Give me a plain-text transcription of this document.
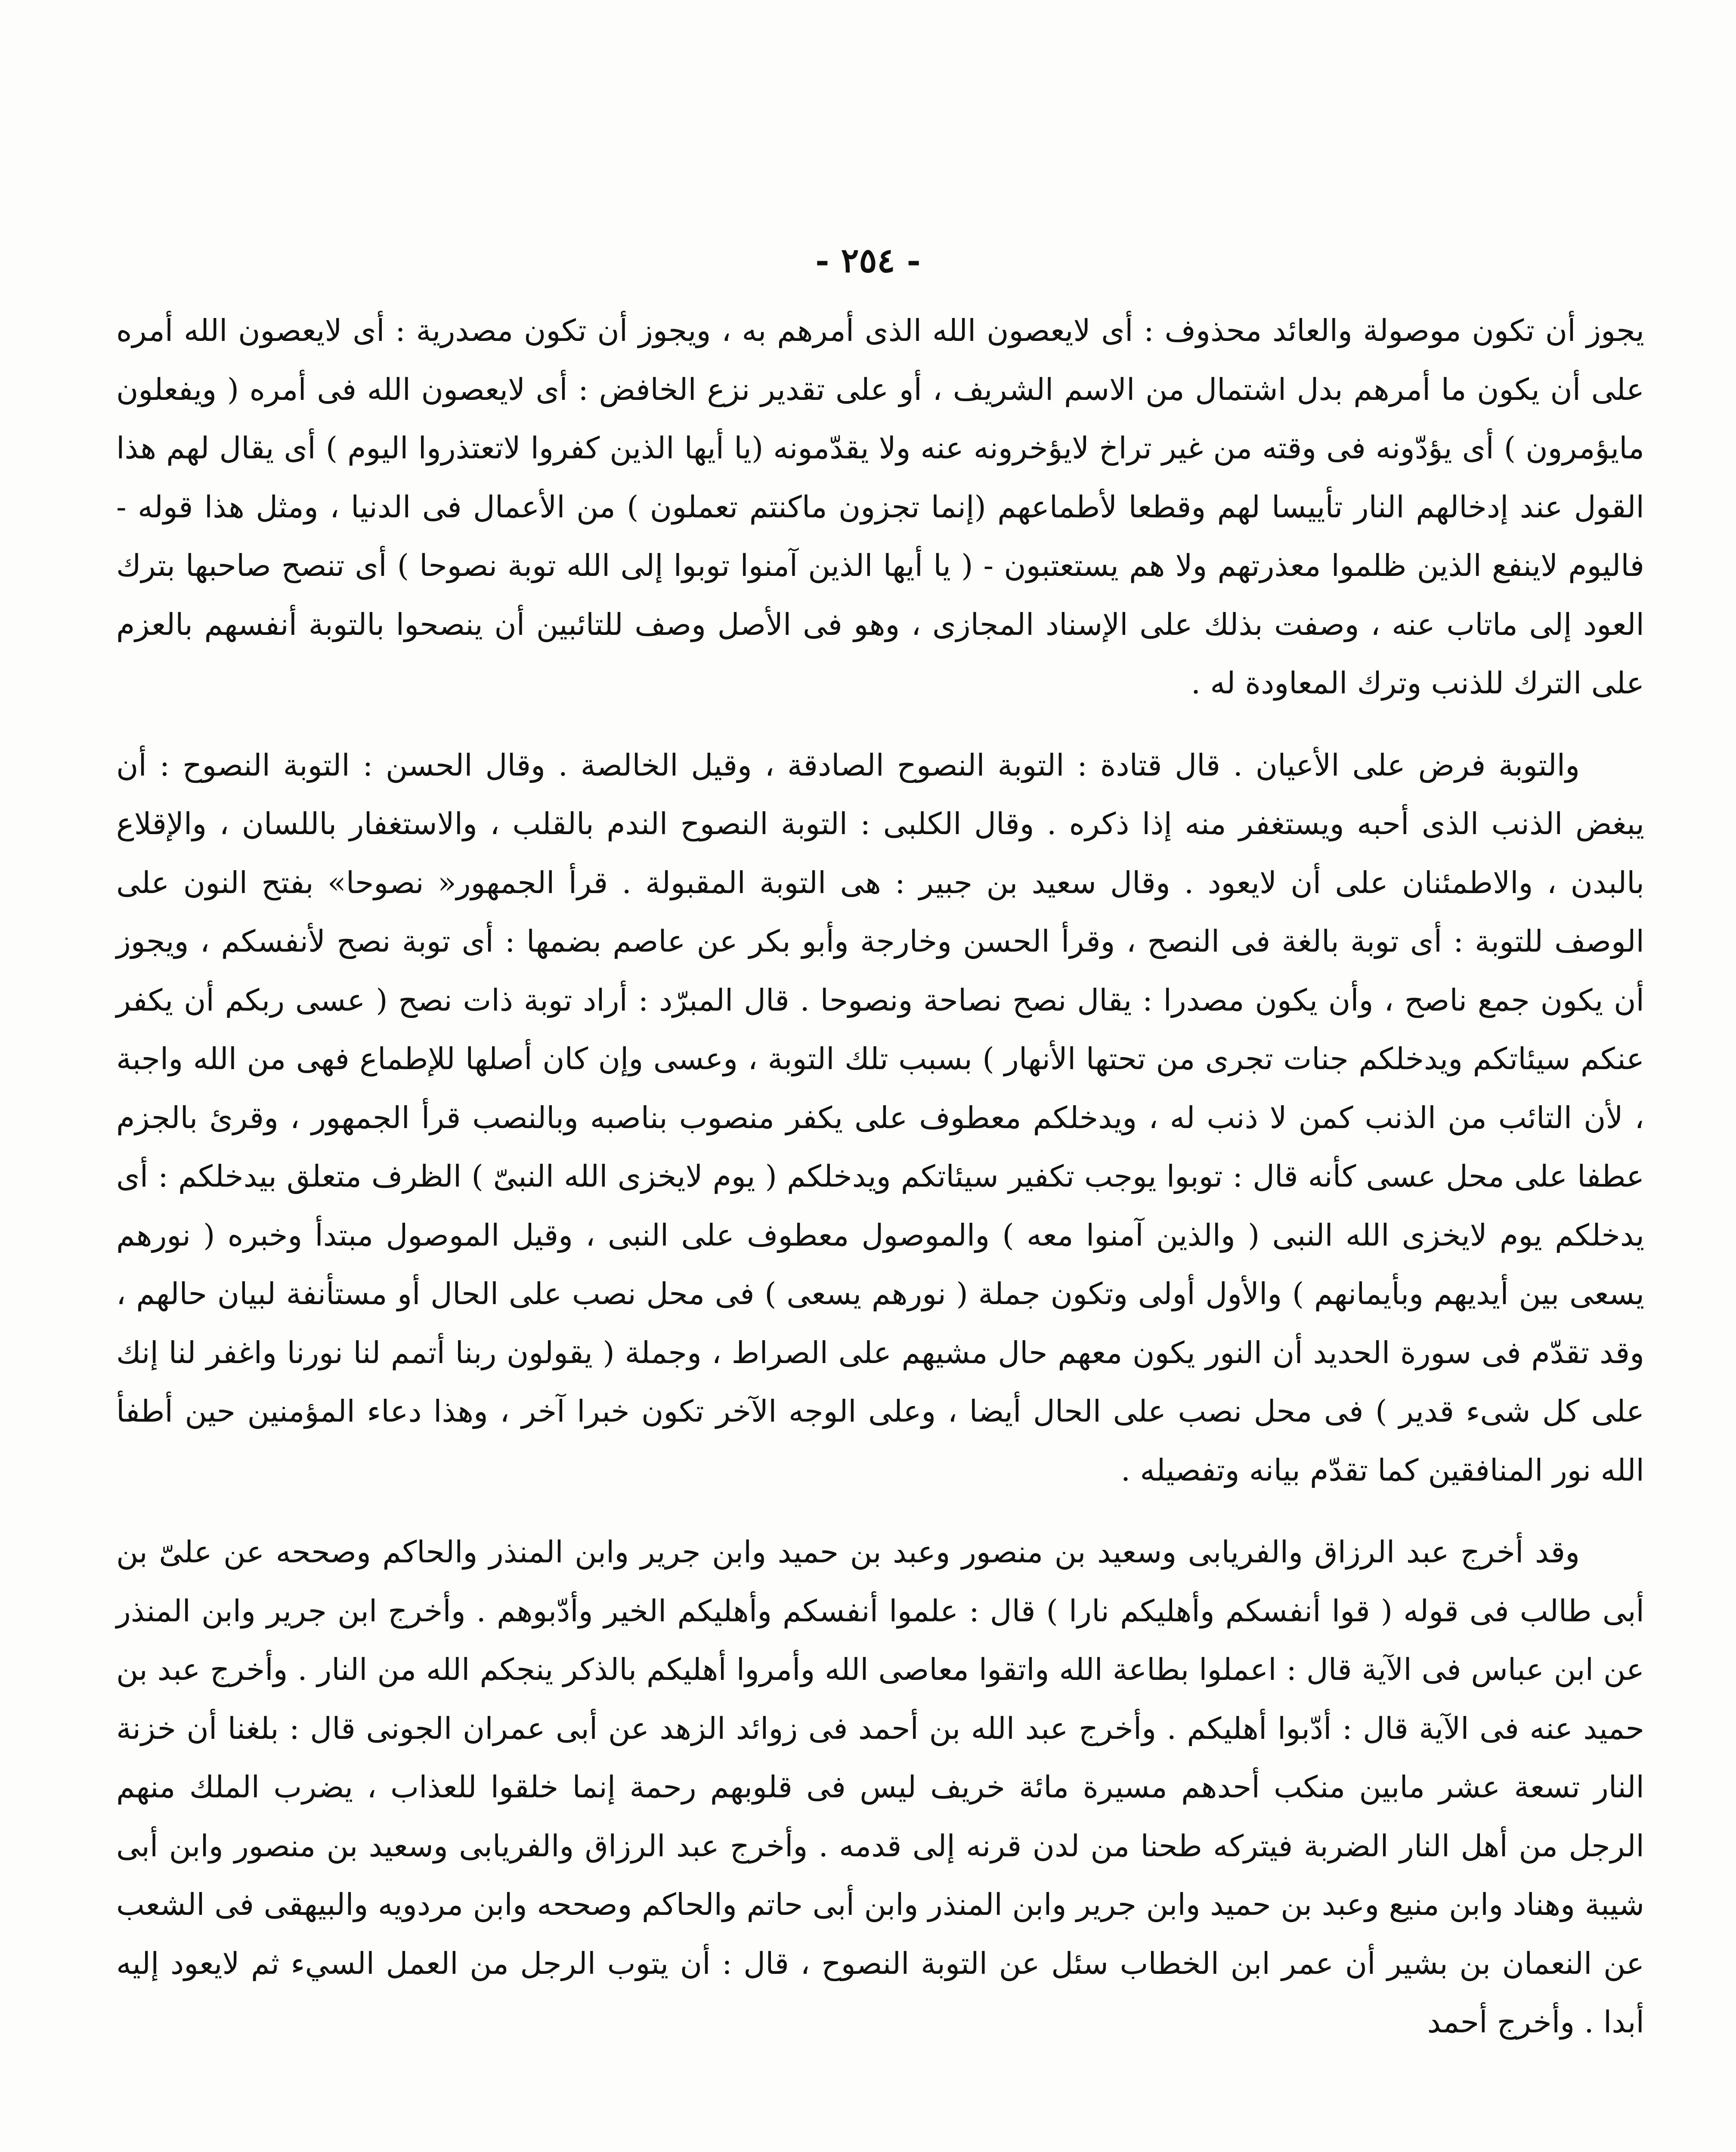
- ٢٥٤ -

يجوز أن تكون موصولة والعائد محذوف : أى لايعصون الله الذى أمرهم به ، ويجوز أن تكون مصدرية : أى لايعصون الله أمره على أن يكون ما أمرهم بدل اشتمال من الاسم الشريف ، أو على تقدير نزع الخافض : أى لايعصون الله فى أمره ( ويفعلون مايؤمرون ) أى يؤدّونه فى وقته من غير تراخ لايؤخرونه عنه ولا يقدّمونه (يا أيها الذين كفروا لاتعتذروا اليوم ) أى يقال لهم هذا القول عند إدخالهم النار تأييسا لهم وقطعا لأطماعهم (إنما تجزون ماكنتم تعملون ) من الأعمال فى الدنيا ، ومثل هذا قوله - فاليوم لاينفع الذين ظلموا معذرتهم ولا هم يستعتبون - ( يا أيها الذين آمنوا توبوا إلى الله توبة نصوحا ) أى تنصح صاحبها بترك العود إلى ماتاب عنه ، وصفت بذلك على الإسناد المجازى ، وهو فى الأصل وصف للتائبين أن ينصحوا بالتوبة أنفسهم بالعزم على الترك للذنب وترك المعاودة له .

والتوبة فرض على الأعيان . قال قتادة : التوبة النصوح الصادقة ، وقيل الخالصة . وقال الحسن : التوبة النصوح : أن يبغض الذنب الذى أحبه ويستغفر منه إذا ذكره . وقال الكلبى : التوبة النصوح الندم بالقلب ، والاستغفار باللسان ، والإقلاع بالبدن ، والاطمئنان على أن لايعود . وقال سعيد بن جبير : هى التوبة المقبولة . قرأ الجمهور« نصوحا» بفتح النون على الوصف للتوبة : أى توبة بالغة فى النصح ، وقرأ الحسن وخارجة وأبو بكر عن عاصم بضمها : أى توبة نصح لأنفسكم ، ويجوز أن يكون جمع ناصح ، وأن يكون مصدرا : يقال نصح نصاحة ونصوحا . قال المبرّد : أراد توبة ذات نصح ( عسى ربكم أن يكفر عنكم سيئاتكم ويدخلكم جنات تجرى من تحتها الأنهار ) بسبب تلك التوبة ، وعسى وإن كان أصلها للإطماع فهى من الله واجبة ، لأن التائب من الذنب كمن لا ذنب له ، ويدخلكم معطوف على يكفر منصوب بناصبه وبالنصب قرأ الجمهور ، وقرئ بالجزم عطفا على محل عسى كأنه قال : توبوا يوجب تكفير سيئاتكم ويدخلكم ( يوم لايخزى الله النبىّ ) الظرف متعلق بيدخلكم : أى يدخلكم يوم لايخزى الله النبى ( والذين آمنوا معه ) والموصول معطوف على النبى ، وقيل الموصول مبتدأ وخبره ( نورهم يسعى بين أيديهم وبأيمانهم ) والأول أولى وتكون جملة ( نورهم يسعى ) فى محل نصب على الحال أو مستأنفة لبيان حالهم ، وقد تقدّم فى سورة الحديد أن النور يكون معهم حال مشيهم على الصراط ، وجملة ( يقولون ربنا أتمم لنا نورنا واغفر لنا إنك على كل شىء قدير ) فى محل نصب على الحال أيضا ، وعلى الوجه الآخر تكون خبرا آخر ، وهذا دعاء المؤمنين حين أطفأ الله نور المنافقين كما تقدّم بيانه وتفصيله .

وقد أخرج عبد الرزاق والفريابى وسعيد بن منصور وعبد بن حميد وابن جرير وابن المنذر والحاكم وصححه عن علىّ بن أبى طالب فى قوله ( قوا أنفسكم وأهليكم نارا ) قال : علموا أنفسكم وأهليكم الخير وأدّبوهم . وأخرج ابن جرير وابن المنذر عن ابن عباس فى الآية قال : اعملوا بطاعة الله واتقوا معاصى الله وأمروا أهليكم بالذكر ينجكم الله من النار . وأخرج عبد بن حميد عنه فى الآية قال : أدّبوا أهليكم . وأخرج عبد الله بن أحمد فى زوائد الزهد عن أبى عمران الجونى قال : بلغنا أن خزنة النار تسعة عشر مابين منكب أحدهم مسيرة مائة خريف ليس فى قلوبهم رحمة إنما خلقوا للعذاب ، يضرب الملك منهم الرجل من أهل النار الضربة فيتركه طحنا من لدن قرنه إلى قدمه . وأخرج عبد الرزاق والفريابى وسعيد بن منصور وابن أبى شيبة وهناد وابن منيع وعبد بن حميد وابن جرير وابن المنذر وابن أبى حاتم والحاكم وصححه وابن مردويه والبيهقى فى الشعب عن النعمان بن بشير أن عمر ابن الخطاب سئل عن التوبة النصوح ، قال : أن يتوب الرجل من العمل السيء ثم لايعود إليه أبدا . وأخرج أحمد
